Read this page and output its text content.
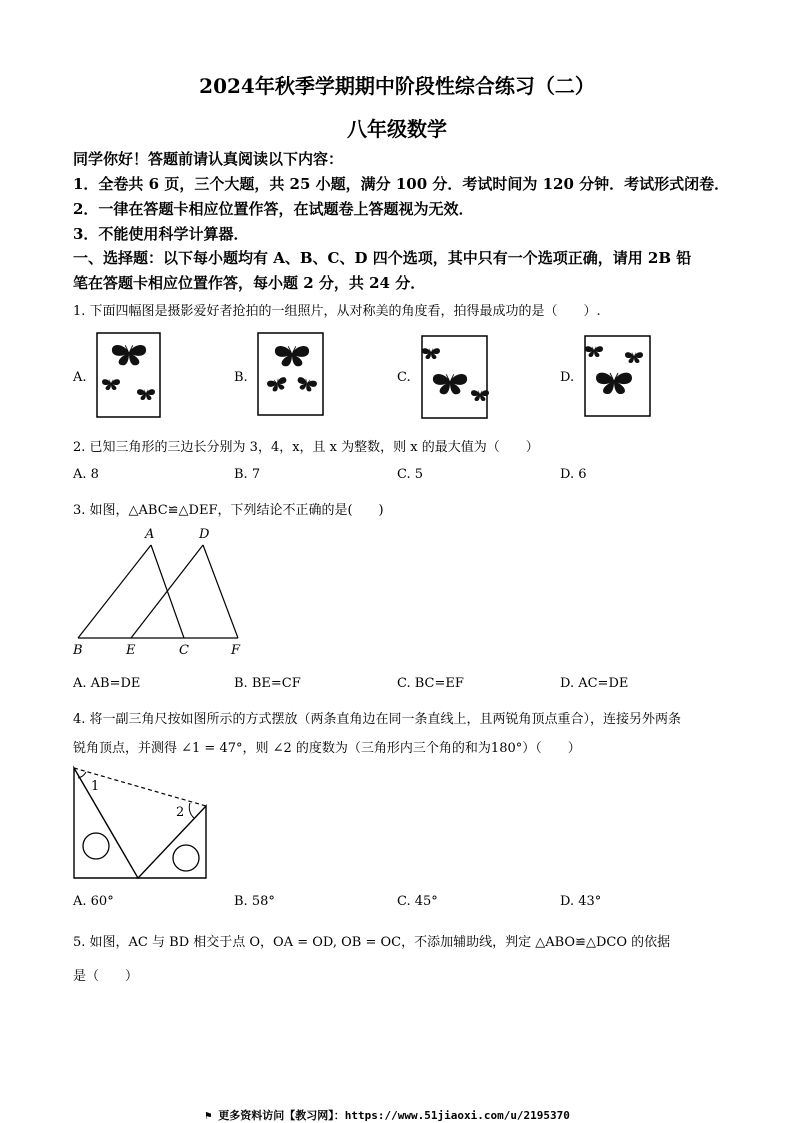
2024年秋季学期期中阶段性综合练习（二）
八年级数学
同学你好！答题前请认真阅读以下内容：
1．全卷共 6 页，三个大题，共 25 小题，满分 100 分．考试时间为 120 分钟．考试形式闭卷．
2．一律在答题卡相应位置作答，在试题卷上答题视为无效．
3．不能使用科学计算器．
一、选择题：以下每小题均有 A、B、C、D 四个选项，其中只有一个选项正确，请用 2B 铅
笔在答题卡相应位置作答，每小题 2 分，共 24 分．
1. 下面四幅图是摄影爱好者抢拍的一组照片，从对称美的角度看，拍得最成功的是（　　）.
A.	B.	C.	D.
2. 已知三角形的三边长分别为 3，4，x，且 x 为整数，则 x 的最大值为（　　）
A. 8	B. 7	C. 5	D. 6
3. 如图，△ABC≌△DEF，下列结论不正确的是(　　)
A	D
B	E	C	F
A. AB=DE	B. BE=CF	C. BC=EF	D. AC=DE
4. 将一副三角尺按如图所示的方式摆放（两条直角边在同一条直线上，且两锐角顶点重合），连接另外两条
锐角顶点，并测得 ∠1 = 47°，则 ∠2 的度数为（三角形内三个角的和为180°）（　　）
1
2
A. 60°	B. 58°	C. 45°	D. 43°
5. 如图，AC 与 BD 相交于点 O，OA = OD, OB = OC，不添加辅助线，判定 △ABO≌△DCO 的依据
是（　　）
⚑ 更多资料访问【教习网】：https://www.51jiaoxi.com/u/2195370
